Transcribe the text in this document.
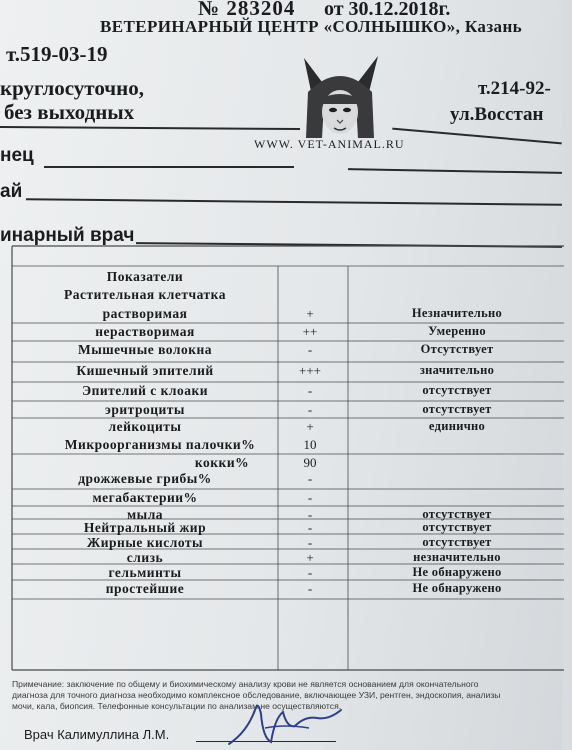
№ 283204 от 30.12.2018г.
ВЕТЕРИНАРНЫЙ ЦЕНТР «СОЛНЫШКО», Казань
т.519-03-19
круглосуточно,
без выходных
т.214-92-
ул.Восстан
WWW. VET-ANIMAL.RU
нец
ай
инарный врач
Показатели
Растительная клетчатка
растворимая	+	Незначительно
нерастворимая	++	Умеренно
Мышечные волокна	-	Отсутствует
Кишечный эпителий	+++	значительно
Эпителий с клоаки	-	отсутствует
эритроциты	-	отсутствует
лейкоциты	+	единично
Микроорганизмы палочки%	10
кокки%	90
дрожжевые грибы%	-
мегабактерии%	-
мыла	-	отсутствует
Нейтральный жир	-	отсутствует
Жирные кислоты	-	отсутствует
слизь	+	незначительно
гельминты	-	Не обнаружено
простейшие	-	Не обнаружено
Примечание: заключение по общему и биохимическому анализу крови не является основанием для окончательного
диагноза для точного диагноза необходимо комплексное обследование, включающее УЗИ, рентген, эндоскопия, анализы
мочи, кала, биопсия. Телефонные консультации по анализам не осуществляются.
Врач Калимуллина Л.М.
